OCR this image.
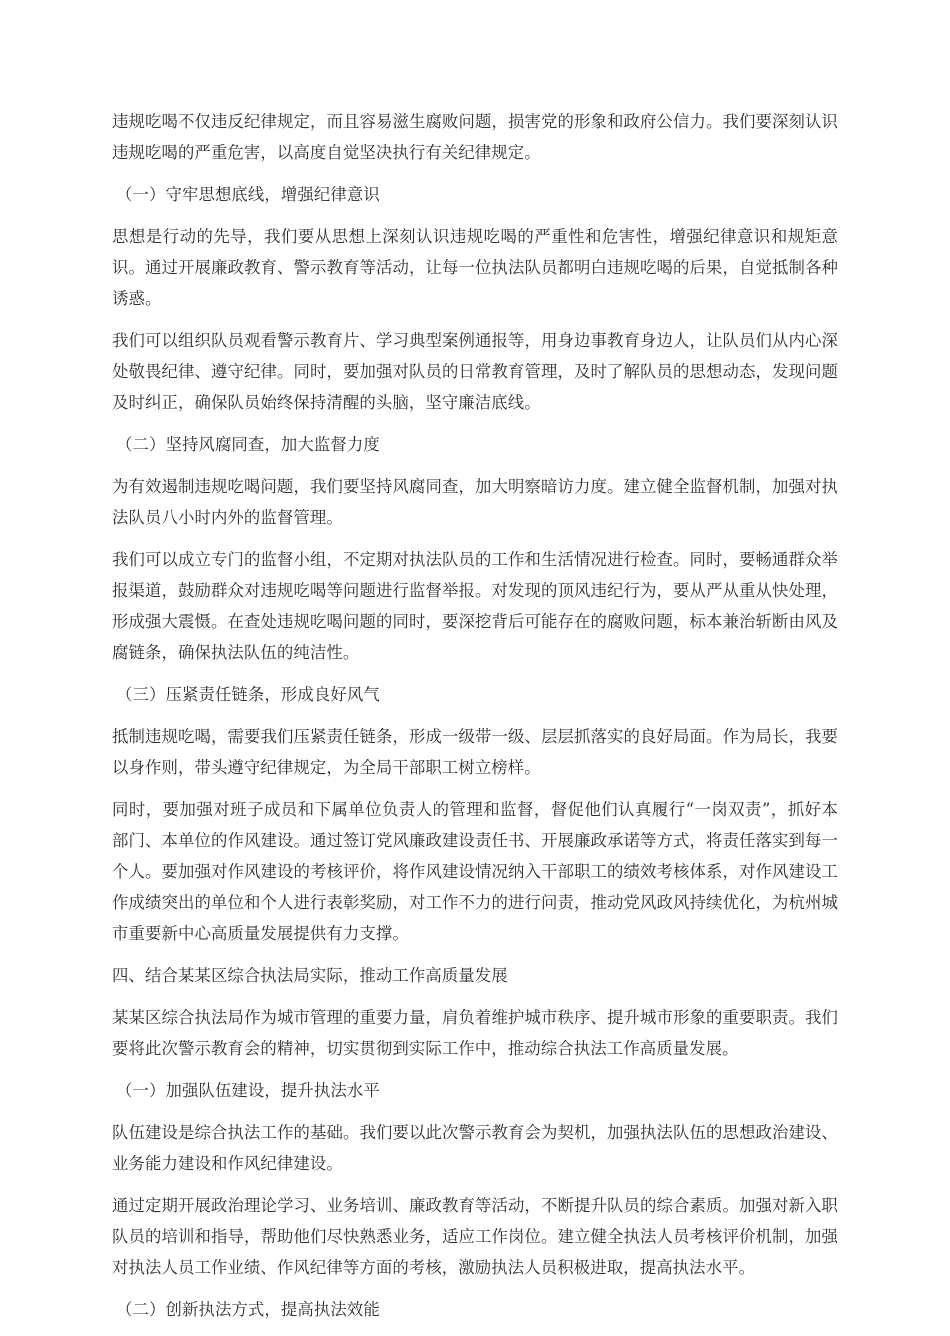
违规吃喝不仅违反纪律规定，而且容易滋生腐败问题，损害党的形象和政府公信力。我们要深刻认识违规吃喝的严重危害，以高度自觉坚决执行有关纪律规定。

（一）守牢思想底线，增强纪律意识

思想是行动的先导，我们要从思想上深刻认识违规吃喝的严重性和危害性，增强纪律意识和规矩意识。通过开展廉政教育、警示教育等活动，让每一位执法队员都明白违规吃喝的后果，自觉抵制各种诱惑。

我们可以组织队员观看警示教育片、学习典型案例通报等，用身边事教育身边人，让队员们从内心深处敬畏纪律、遵守纪律。同时，要加强对队员的日常教育管理，及时了解队员的思想动态，发现问题及时纠正，确保队员始终保持清醒的头脑，坚守廉洁底线。

（二）坚持风腐同查，加大监督力度

为有效遏制违规吃喝问题，我们要坚持风腐同查，加大明察暗访力度。建立健全监督机制，加强对执法队员八小时内外的监督管理。

我们可以成立专门的监督小组，不定期对执法队员的工作和生活情况进行检查。同时，要畅通群众举报渠道，鼓励群众对违规吃喝等问题进行监督举报。对发现的顶风违纪行为，要从严从重从快处理，形成强大震慑。在查处违规吃喝问题的同时，要深挖背后可能存在的腐败问题，标本兼治斩断由风及腐链条，确保执法队伍的纯洁性。

（三）压紧责任链条，形成良好风气

抵制违规吃喝，需要我们压紧责任链条，形成一级带一级、层层抓落实的良好局面。作为局长，我要以身作则，带头遵守纪律规定，为全局干部职工树立榜样。

同时，要加强对班子成员和下属单位负责人的管理和监督，督促他们认真履行“一岗双责”，抓好本部门、本单位的作风建设。通过签订党风廉政建设责任书、开展廉政承诺等方式，将责任落实到每一个人。要加强对作风建设的考核评价，将作风建设情况纳入干部职工的绩效考核体系，对作风建设工作成绩突出的单位和个人进行表彰奖励，对工作不力的进行问责，推动党风政风持续优化，为杭州城市重要新中心高质量发展提供有力支撑。

四、结合某某区综合执法局实际，推动工作高质量发展

某某区综合执法局作为城市管理的重要力量，肩负着维护城市秩序、提升城市形象的重要职责。我们要将此次警示教育会的精神，切实贯彻到实际工作中，推动综合执法工作高质量发展。

（一）加强队伍建设，提升执法水平

队伍建设是综合执法工作的基础。我们要以此次警示教育会为契机，加强执法队伍的思想政治建设、业务能力建设和作风纪律建设。

通过定期开展政治理论学习、业务培训、廉政教育等活动，不断提升队员的综合素质。加强对新入职队员的培训和指导，帮助他们尽快熟悉业务，适应工作岗位。建立健全执法人员考核评价机制，加强对执法人员工作业绩、作风纪律等方面的考核，激励执法人员积极进取，提高执法水平。

（二）创新执法方式，提高执法效能
